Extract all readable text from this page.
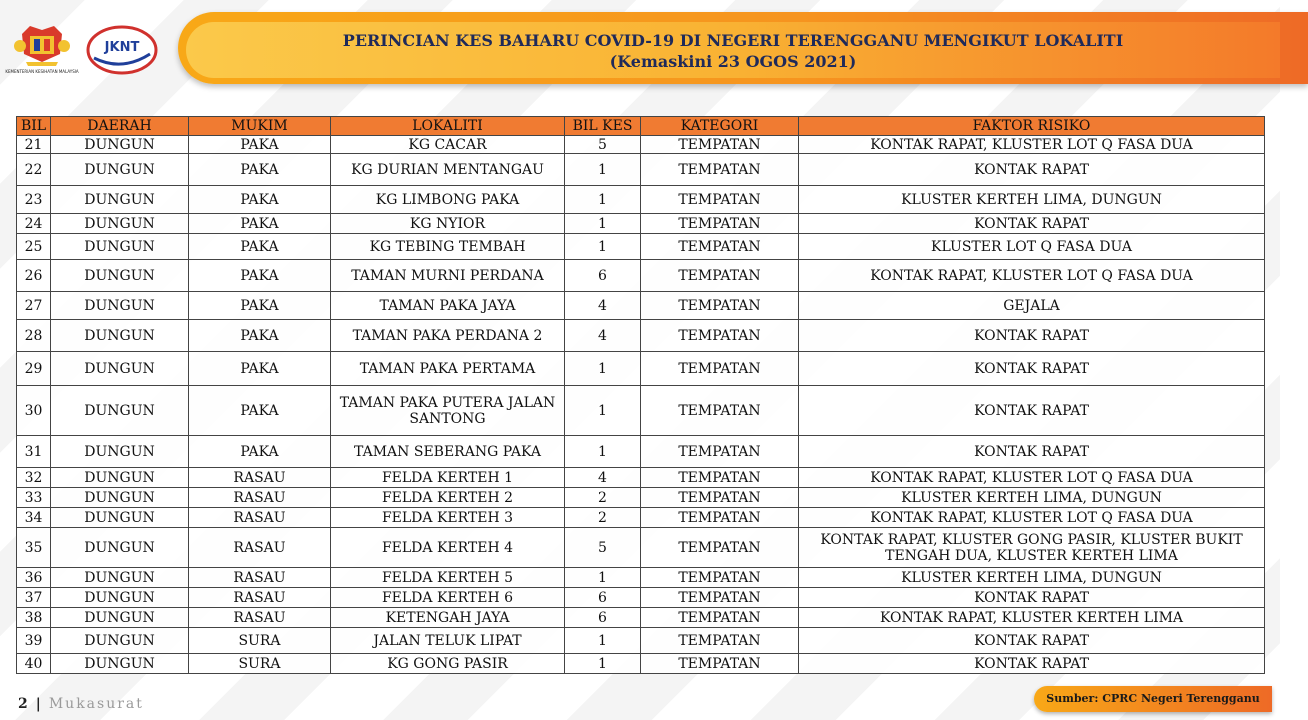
KEMENTERIAN KESIHATAN MALAYSIA
JKNT	PERINCIAN KES BAHARU COVID-19 DI NEGERI TERENGGANU MENGIKUT LOKALITI
(Kemaskini 23 OGOS 2021)
BIL	DAERAH	MUKIM	LOKALITI	BIL KES	KATEGORI	FAKTOR RISIKO
21	DUNGUN	PAKA	KG CACAR	5	TEMPATAN	KONTAK RAPAT, KLUSTER LOT Q FASA DUA
22	DUNGUN	PAKA	KG DURIAN MENTANGAU	1	TEMPATAN	KONTAK RAPAT
23	DUNGUN	PAKA	KG LIMBONG PAKA	1	TEMPATAN	KLUSTER KERTEH LIMA, DUNGUN
24	DUNGUN	PAKA	KG NYIOR	1	TEMPATAN	KONTAK RAPAT
25	DUNGUN	PAKA	KG TEBING TEMBAH	1	TEMPATAN	KLUSTER LOT Q FASA DUA
26	DUNGUN	PAKA	TAMAN MURNI PERDANA	6	TEMPATAN	KONTAK RAPAT, KLUSTER LOT Q FASA DUA
27	DUNGUN	PAKA	TAMAN PAKA JAYA	4	TEMPATAN	GEJALA
28	DUNGUN	PAKA	TAMAN PAKA PERDANA 2	4	TEMPATAN	KONTAK RAPAT
29	DUNGUN	PAKA	TAMAN PAKA PERTAMA	1	TEMPATAN	KONTAK RAPAT
30	DUNGUN	PAKA	TAMAN PAKA PUTERA JALAN SANTONG	1	TEMPATAN	KONTAK RAPAT
31	DUNGUN	PAKA	TAMAN SEBERANG PAKA	1	TEMPATAN	KONTAK RAPAT
32	DUNGUN	RASAU	FELDA KERTEH 1	4	TEMPATAN	KONTAK RAPAT, KLUSTER LOT Q FASA DUA
33	DUNGUN	RASAU	FELDA KERTEH 2	2	TEMPATAN	KLUSTER KERTEH LIMA, DUNGUN
34	DUNGUN	RASAU	FELDA KERTEH 3	2	TEMPATAN	KONTAK RAPAT, KLUSTER LOT Q FASA DUA
35	DUNGUN	RASAU	FELDA KERTEH 4	5	TEMPATAN	KONTAK RAPAT, KLUSTER GONG PASIR, KLUSTER BUKIT TENGAH DUA, KLUSTER KERTEH LIMA
36	DUNGUN	RASAU	FELDA KERTEH 5	1	TEMPATAN	KLUSTER KERTEH LIMA, DUNGUN
37	DUNGUN	RASAU	FELDA KERTEH 6	6	TEMPATAN	KONTAK RAPAT
38	DUNGUN	RASAU	KETENGAH JAYA	6	TEMPATAN	KONTAK RAPAT, KLUSTER KERTEH LIMA
39	DUNGUN	SURA	JALAN TELUK LIPAT	1	TEMPATAN	KONTAK RAPAT
40	DUNGUN	SURA	KG GONG PASIR	1	TEMPATAN	KONTAK RAPAT
2 | Mukasurat	Sumber: CPRC Negeri Terengganu
